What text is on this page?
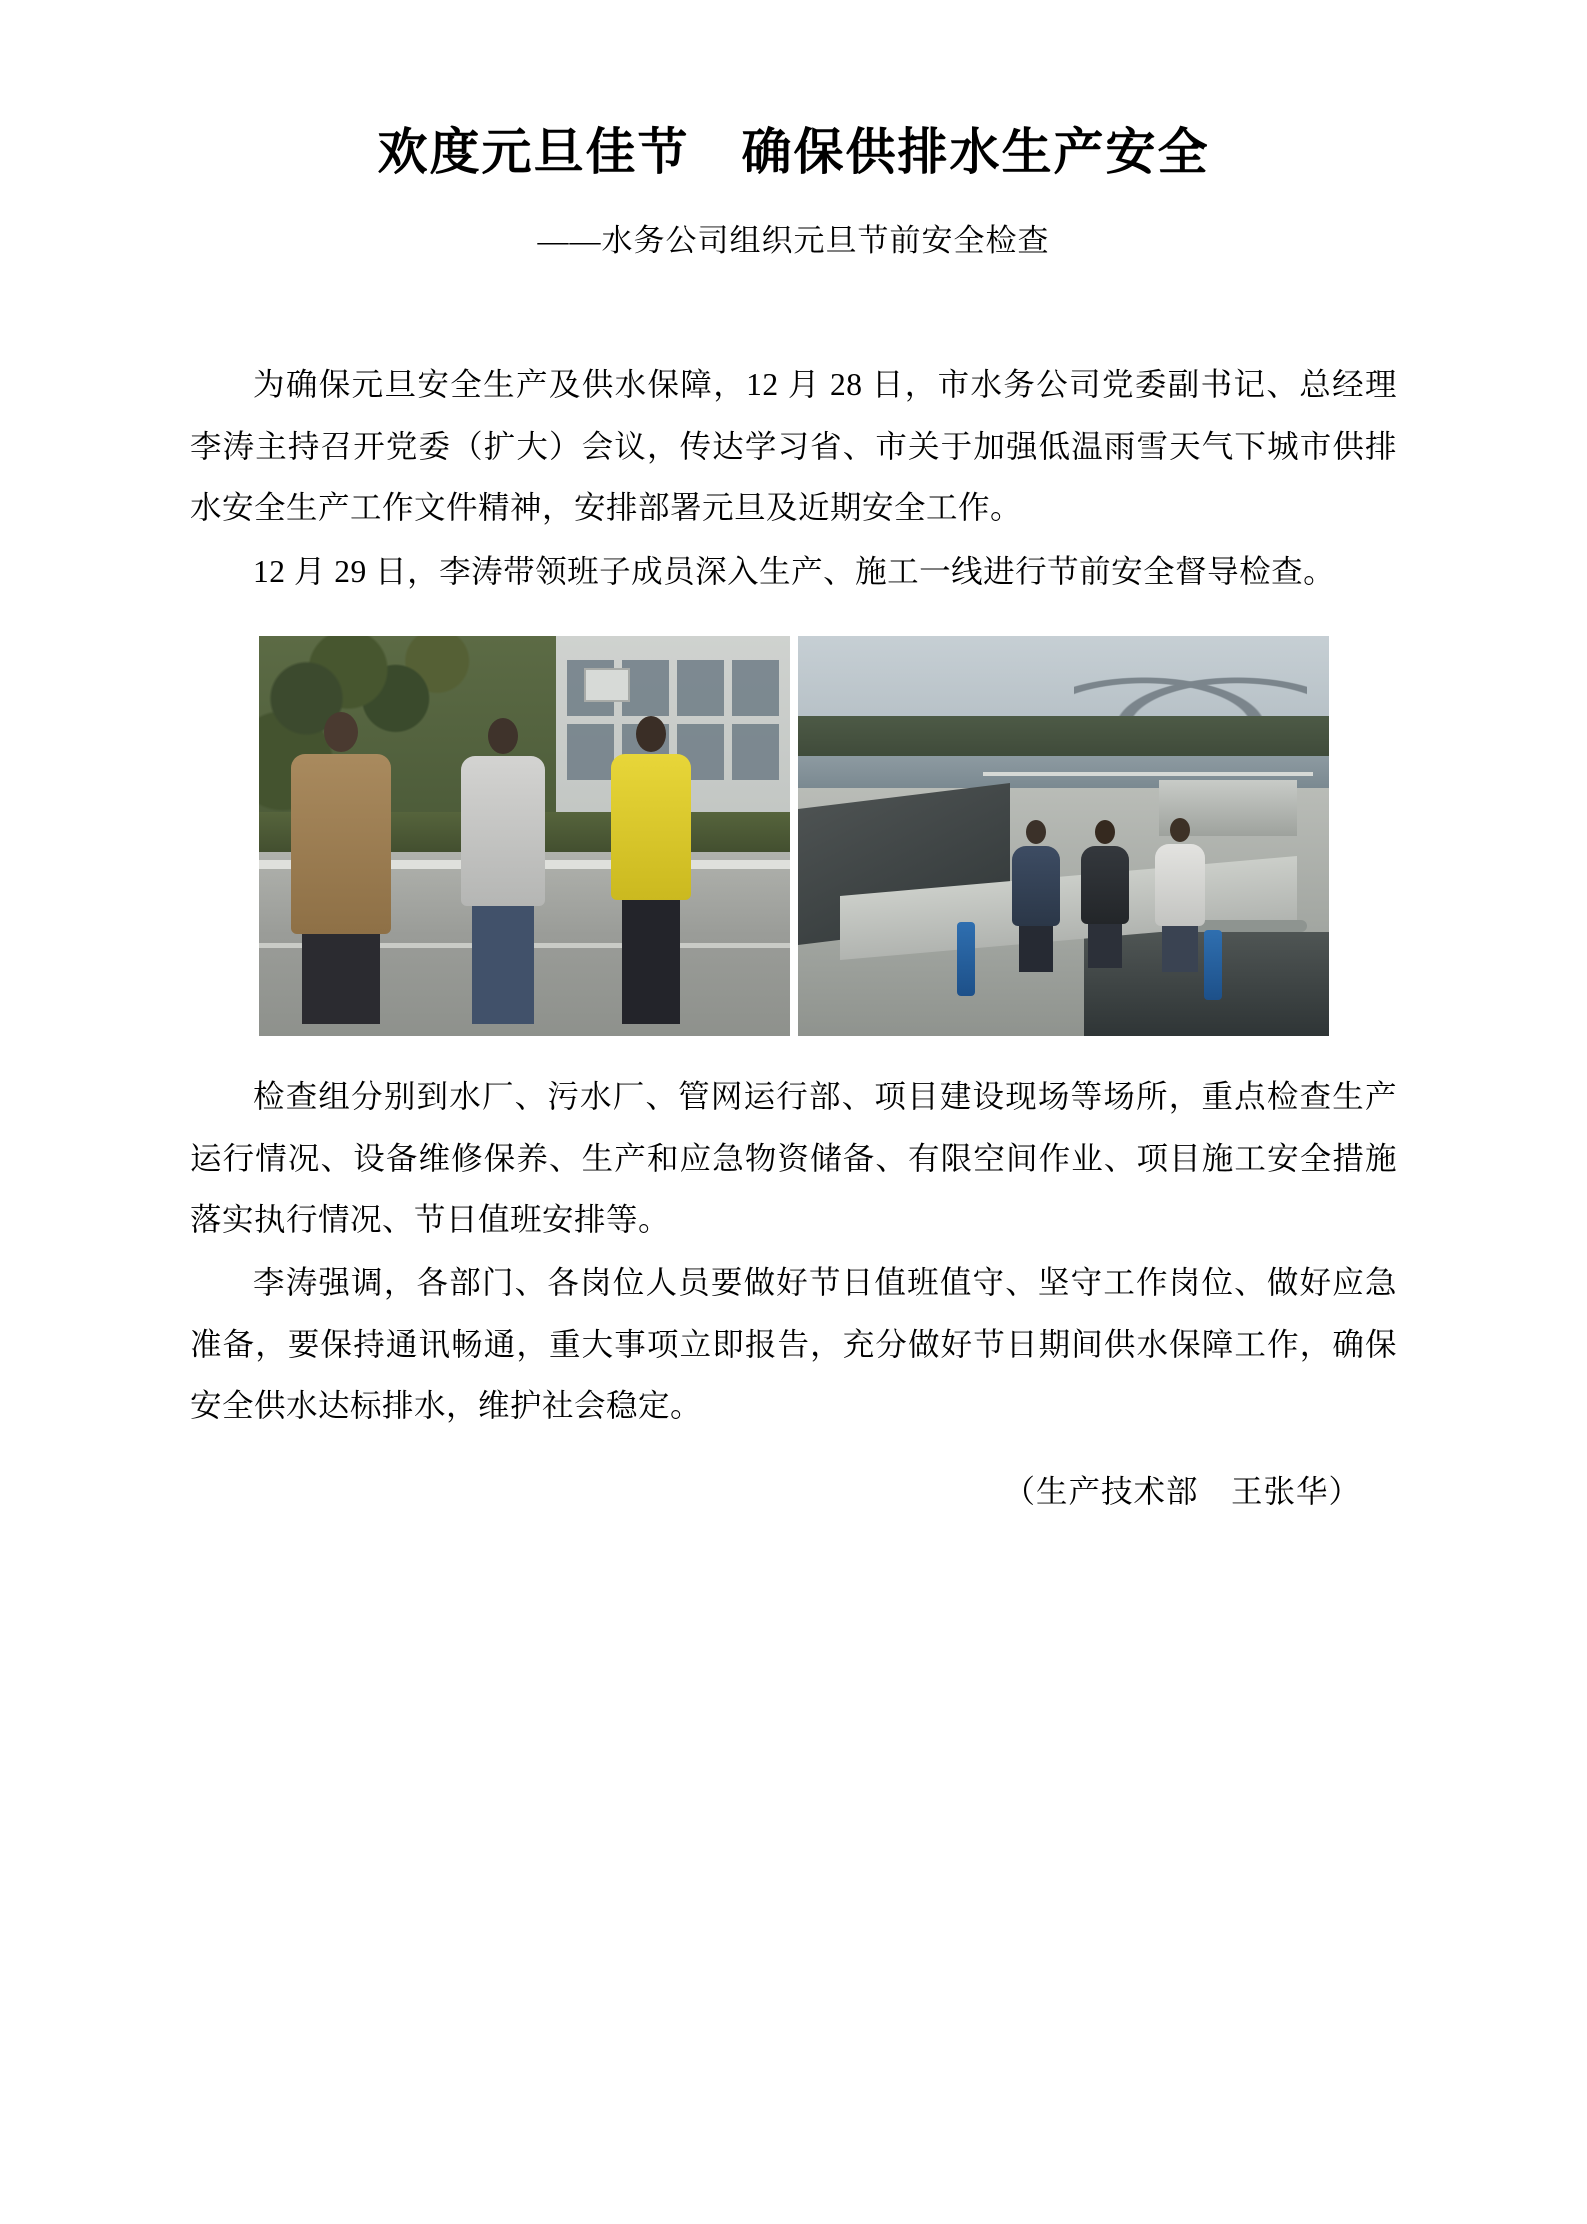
欢度元旦佳节　确保供排水生产安全
——水务公司组织元旦节前安全检查

为确保元旦安全生产及供水保障，12 月 28 日，市水务公司党委副书记、总经理李涛主持召开党委（扩大）会议，传达学习省、市关于加强低温雨雪天气下城市供排水安全生产工作文件精神，安排部署元旦及近期安全工作。

12 月 29 日，李涛带领班子成员深入生产、施工一线进行节前安全督导检查。

检查组分别到水厂、污水厂、管网运行部、项目建设现场等场所，重点检查生产运行情况、设备维修保养、生产和应急物资储备、有限空间作业、项目施工安全措施落实执行情况、节日值班安排等。

李涛强调，各部门、各岗位人员要做好节日值班值守、坚守工作岗位、做好应急准备，要保持通讯畅通，重大事项立即报告，充分做好节日期间供水保障工作，确保安全供水达标排水，维护社会稳定。

（生产技术部　王张华）
